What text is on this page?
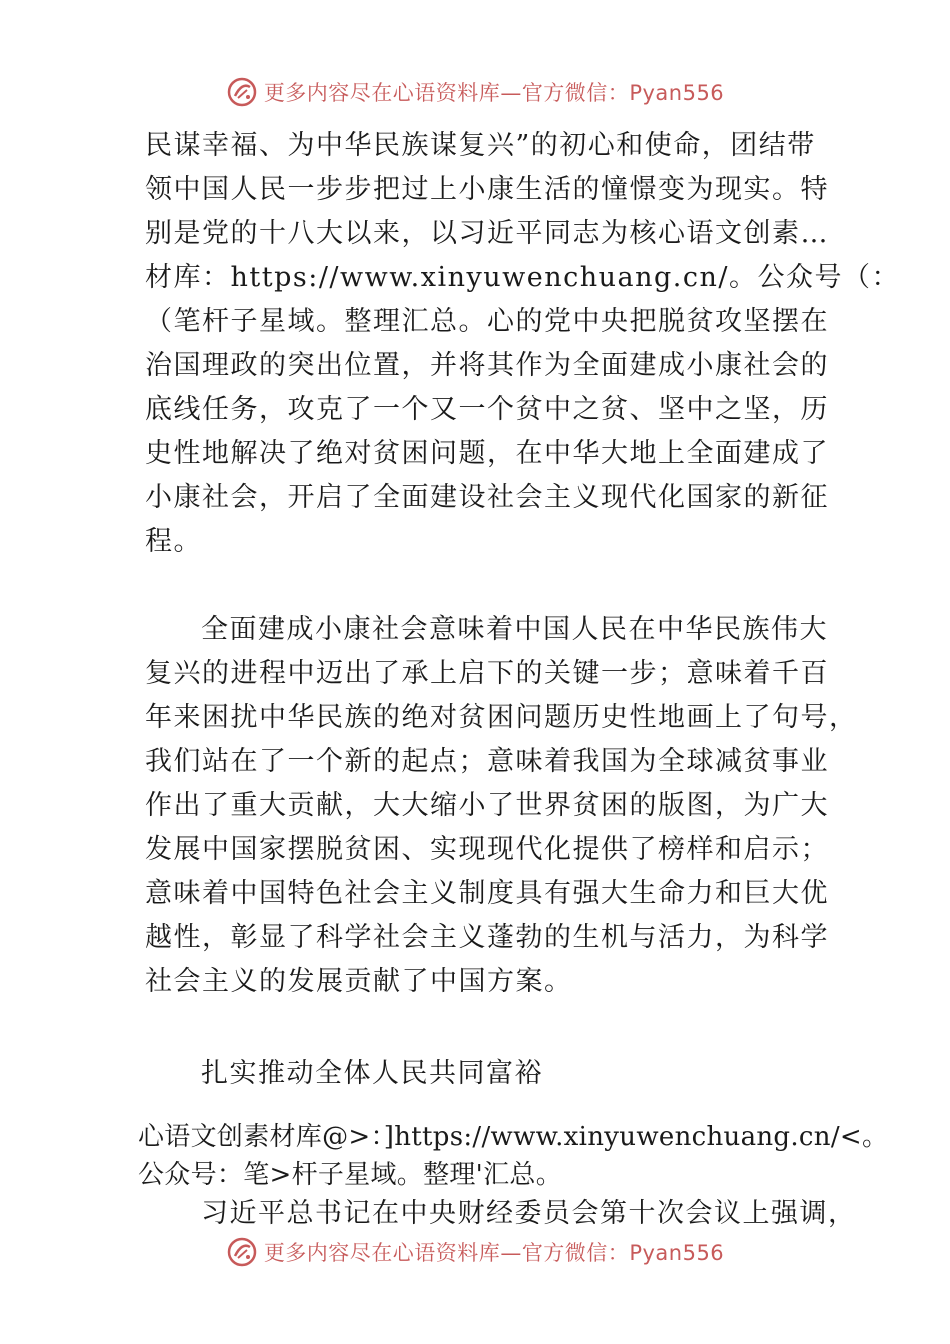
更多内容尽在心语资料库—官方微信：Pyan556
民谋幸福、为中华民族谋复兴”的初心和使命，团结带
领中国人民一步步把过上小康生活的憧憬变为现实。特
别是党的十八大以来，以习近平同志为核心语文创素…
材库：https://www.xinyuwenchuang.cn/。公众号（：
（笔杆子星域。整理汇总。心的党中央把脱贫攻坚摆在
治国理政的突出位置，并将其作为全面建成小康社会的
底线任务，攻克了一个又一个贫中之贫、坚中之坚，历
史性地解决了绝对贫困问题，在中华大地上全面建成了
小康社会，开启了全面建设社会主义现代化国家的新征
程。
全面建成小康社会意味着中国人民在中华民族伟大
复兴的进程中迈出了承上启下的关键一步；意味着千百
年来困扰中华民族的绝对贫困问题历史性地画上了句号，
我们站在了一个新的起点；意味着我国为全球减贫事业
作出了重大贡献，大大缩小了世界贫困的版图，为广大
发展中国家摆脱贫困、实现现代化提供了榜样和启示；
意味着中国特色社会主义制度具有强大生命力和巨大优
越性，彰显了科学社会主义蓬勃的生机与活力，为科学
社会主义的发展贡献了中国方案。
扎实推动全体人民共同富裕
心语文创素材库@>：]https://www.xinyuwenchuang.cn/<。
公众号：笔>杆子星域。整理'汇总。
习近平总书记在中央财经委员会第十次会议上强调，
更多内容尽在心语资料库—官方微信：Pyan556
